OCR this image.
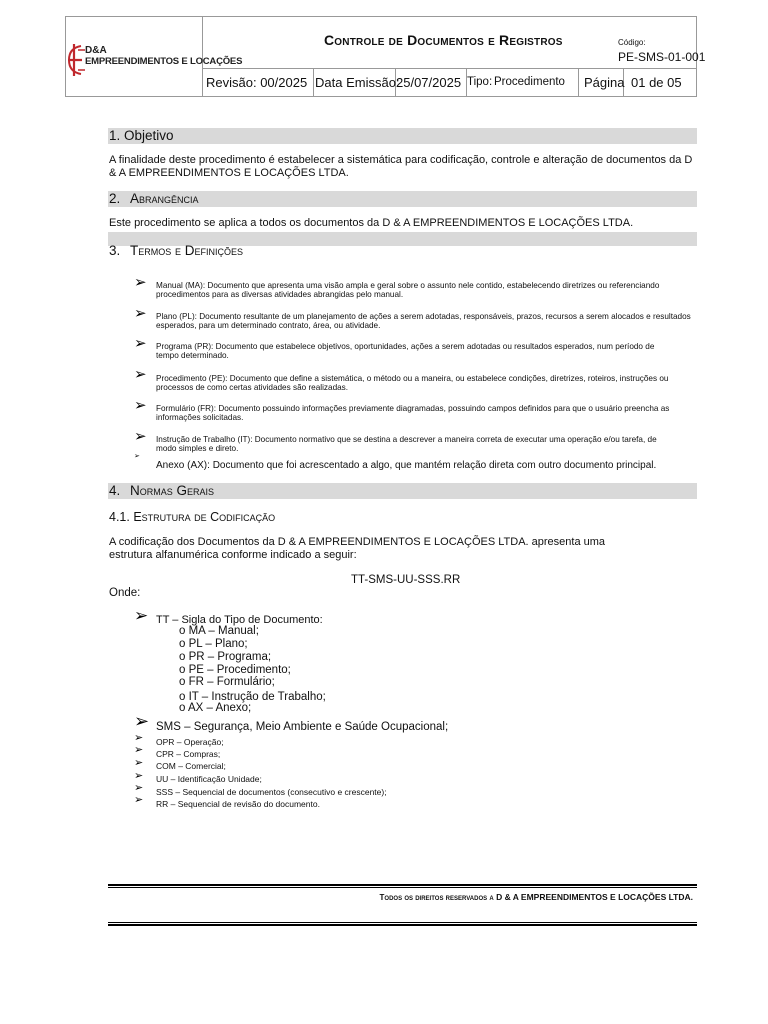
D&A
EMPREENDIMENTOS E LOCAÇÕES
Controle de Documentos e Registros	Código:
PE-SMS-01-001
Revisão: 00/2025 Data Emissão:
25/07/2025 Tipo: Procedimento Página 01 de 05
1. Objetivo
A finalidade deste procedimento é estabelecer a sistemática para codificação, controle e alteração de documentos da D
& A EMPREENDIMENTOS E LOCAÇÕES LTDA.
2. Abrangência
Este procedimento se aplica a todos os documentos da D & A EMPREENDIMENTOS E LOCAÇÕES LTDA.
3. Termos e Definições
➢ Manual (MA): Documento que apresenta uma visão ampla e geral sobre o assunto nele contido, estabelecendo diretrizes ou referenciando
procedimentos para as diversas atividades abrangidas pelo manual.
➢ Plano (PL): Documento resultante de um planejamento de ações a serem adotadas, responsáveis, prazos, recursos a serem alocados e resultados
esperados, para um determinado contrato, área, ou atividade.
➢ Programa (PR): Documento que estabelece objetivos, oportunidades, ações a serem adotadas ou resultados esperados, num período de
tempo determinado.
➢ Procedimento (PE): Documento que define a sistemática, o método ou a maneira, ou estabelece condições, diretrizes, roteiros, instruções ou
processos de como certas atividades são realizadas.
➢ Formulário (FR): Documento possuindo informações previamente diagramadas, possuindo campos definidos para que o usuário preencha as
informações solicitadas.
➢ Instrução de Trabalho (IT): Documento normativo que se destina a descrever a maneira correta de executar uma operação e/ou tarefa, de
modo simples e direto.
➢
Anexo (AX): Documento que foi acrescentado a algo, que mantém relação direta com outro documento principal.
4. Normas Gerais
4.1. Estrutura de Codificação
A codificação dos Documentos da D & A EMPREENDIMENTOS E LOCAÇÕES LTDA. apresenta uma
estrutura alfanumérica conforme indicado a seguir:
TT-SMS-UU-SSS.RR
Onde:
➢ TT – Sigla do Tipo de Documento:
o MA – Manual;
o PL – Plano;
o PR – Programa;
o PE – Procedimento;
o FR – Formulário;
o IT – Instrução de Trabalho;
o AX – Anexo;
➢ SMS – Segurança, Meio Ambiente e Saúde Ocupacional;
➢ OPR – Operação;
➢ CPR – Compras;
➢ COM – Comercial;
➢ UU – Identificação Unidade;
➢ SSS – Sequencial de documentos (consecutivo e crescente);
➢ RR – Sequencial de revisão do documento.
Todos os direitos reservados a D & A EMPREENDIMENTOS E LOCAÇÕES LTDA.
